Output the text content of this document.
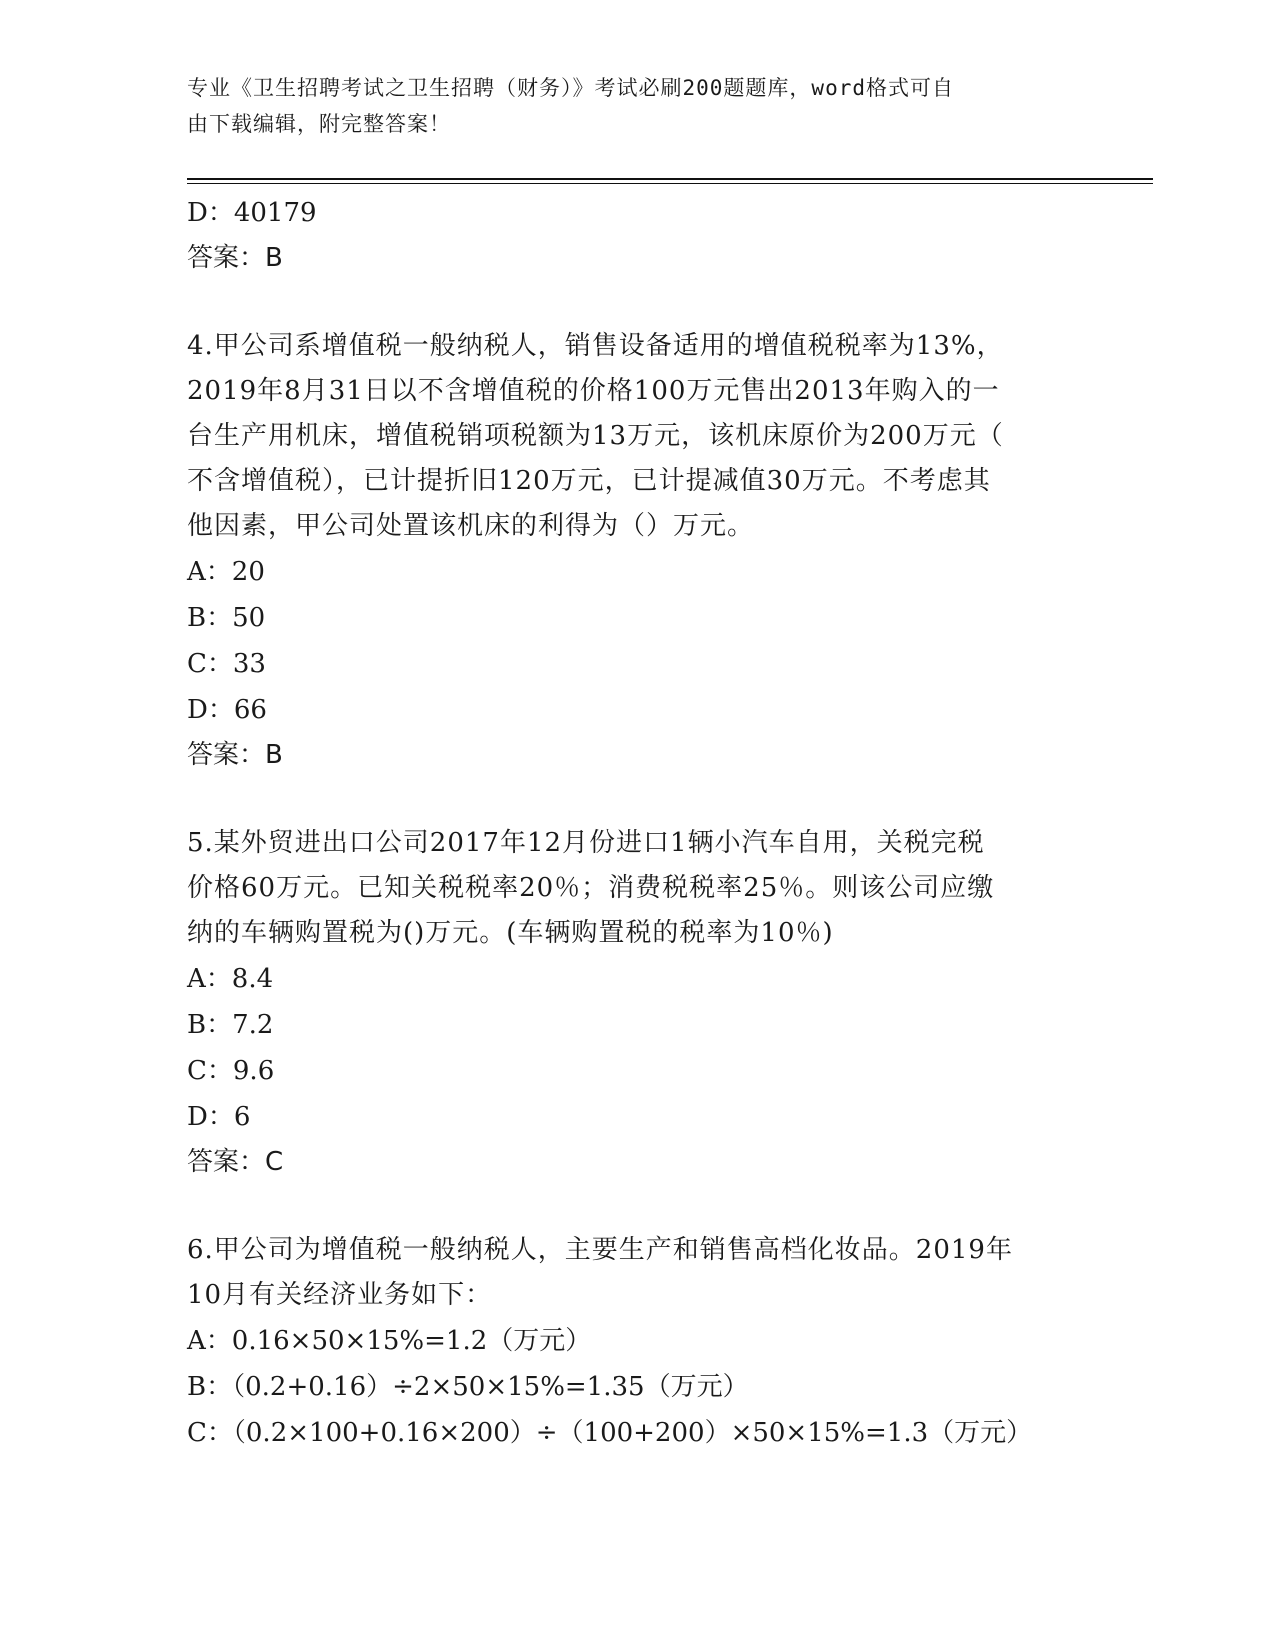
专业《卫生招聘考试之卫生招聘（财务）》考试必刷200题题库，word格式可自
由下载编辑，附完整答案！
D：40179
答案：B
4.甲公司系增值税一般纳税人，销售设备适用的增值税税率为13%，
2019年8月31日以不含增值税的价格100万元售出2013年购入的一
台生产用机床，增值税销项税额为13万元，该机床原价为200万元（
不含增值税），已计提折旧120万元，已计提减值30万元。不考虑其
他因素，甲公司处置该机床的利得为（）万元。
A：20
B：50
C：33
D：66
答案：B
5.某外贸进出口公司2017年12月份进口1辆小汽车自用，关税完税
价格60万元。已知关税税率20％；消费税税率25％。则该公司应缴
纳的车辆购置税为()万元。(车辆购置税的税率为10％)
A：8.4
B：7.2
C：9.6
D：6
答案：C
6.甲公司为增值税一般纳税人，主要生产和销售高档化妆品。2019年
10月有关经济业务如下：
A：0.16×50×15%=1.2（万元）
B：（0.2+0.16）÷2×50×15%=1.35（万元）
C：（0.2×100+0.16×200）÷（100+200）×50×15%=1.3（万元）
